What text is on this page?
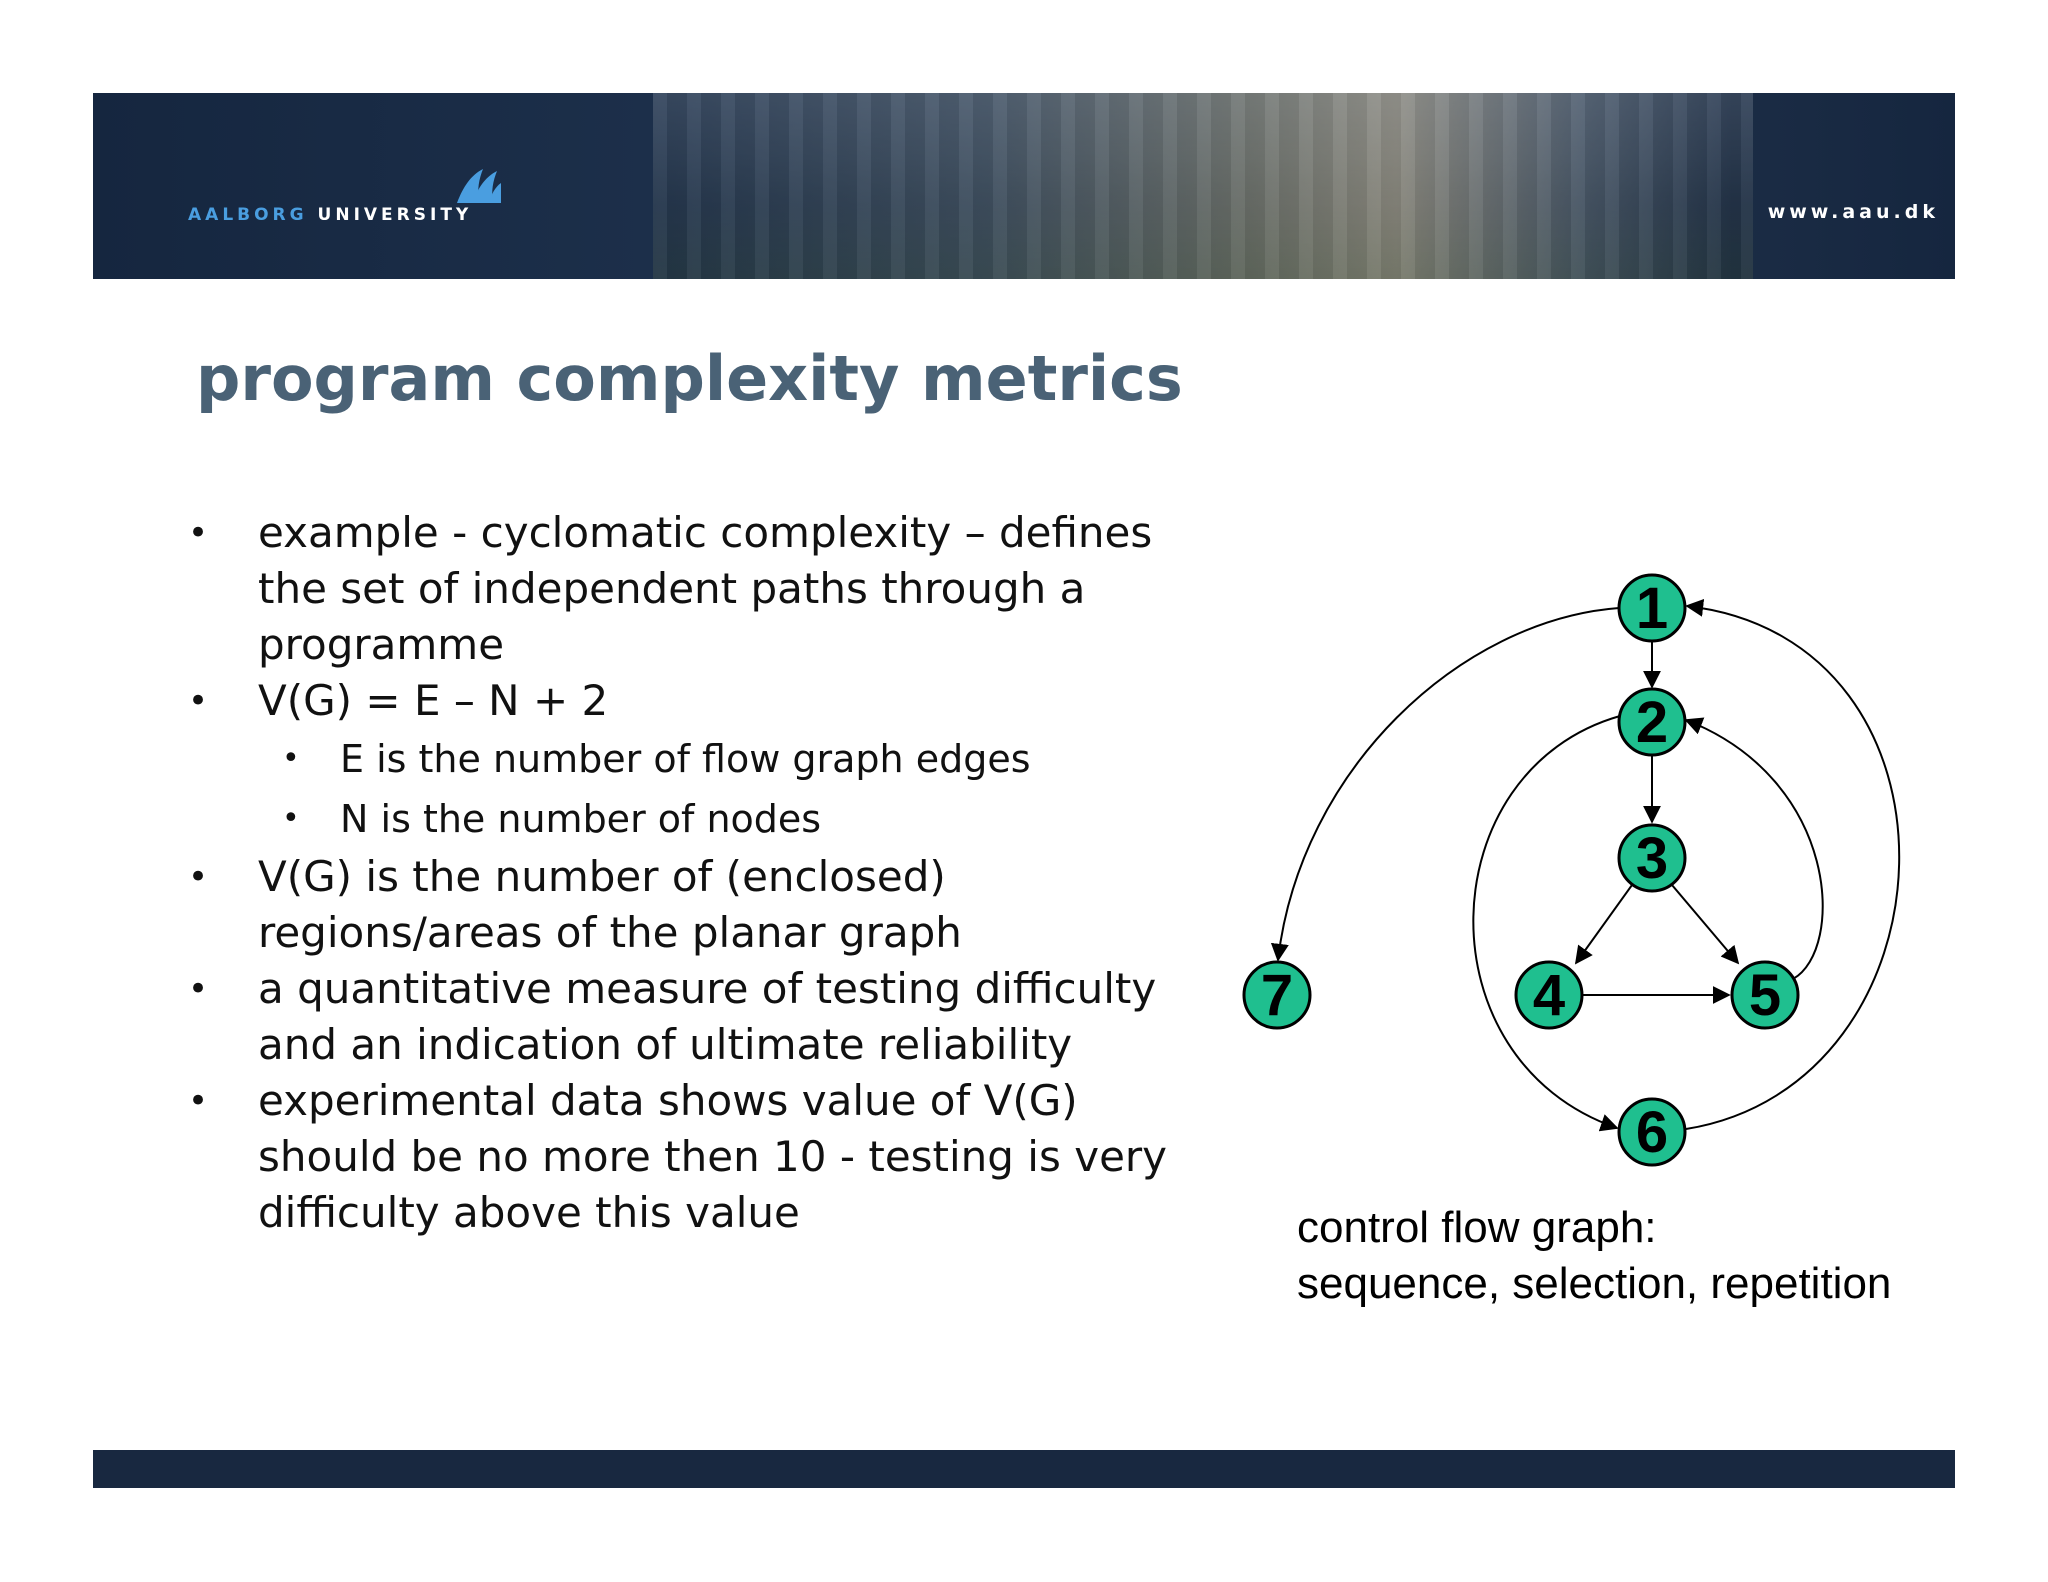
AALBORG UNIVERSITY	www.aau.dk
program complexity metrics
• example - cyclomatic complexity – defines the set of independent paths through a programme
• V(G) = E – N + 2
• E is the number of flow graph edges
• N is the number of nodes
• V(G) is the number of (enclosed) regions/areas of the planar graph
• a quantitative measure of testing difficulty and an indication of ultimate reliability
• experimental data shows value of V(G) should be no more then 10 - testing is very difficulty above this value
1
2
3
4	5
6
7

control flow graph:
sequence, selection, repetition
